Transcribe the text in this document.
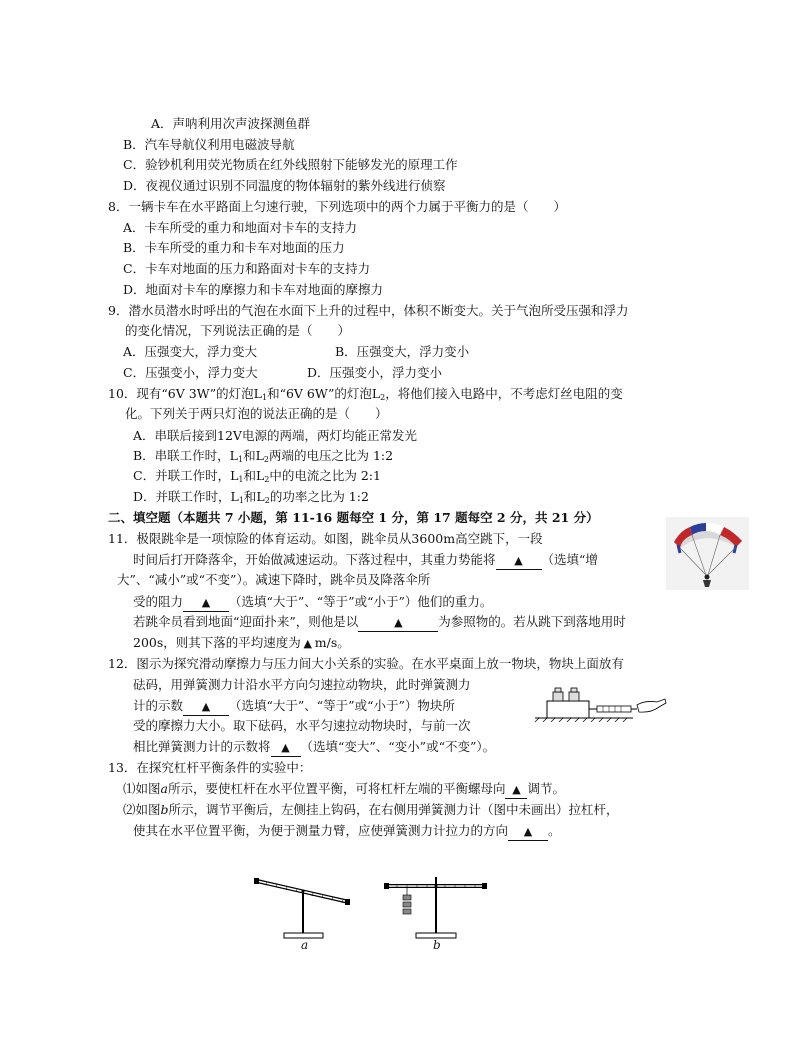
A．声呐利用次声波探测鱼群
B．汽车导航仪利用电磁波导航
C．验钞机利用荧光物质在红外线照射下能够发光的原理工作
D．夜视仪通过识别不同温度的物体辐射的紫外线进行侦察
8．一辆卡车在水平路面上匀速行驶，下列选项中的两个力属于平衡力的是（　　）
A．卡车所受的重力和地面对卡车的支持力
B．卡车所受的重力和卡车对地面的压力
C．卡车对地面的压力和路面对卡车的支持力
D．地面对卡车的摩擦力和卡车对地面的摩擦力
9．潜水员潜水时呼出的气泡在水面下上升的过程中，体积不断变大。关于气泡所受压强和浮力
的变化情况，下列说法正确的是（　　）
A．压强变大，浮力变大	B．压强变大，浮力变小
C．压强变小，浮力变大	D．压强变小，浮力变小
10．现有“6V 3W”的灯泡$L_1$和“6V 6W”的灯泡$L_2$，将他们接入电路中，不考虑灯丝电阻的变
化。下列关于两只灯泡的说法正确的是（　　）
A．串联后接到12V电源的两端，两灯均能正常发光
B．串联工作时，$L_1$和$L_2$两端的电压之比为 1:2
C．并联工作时，$L_1$和$L_2$中的电流之比为 2:1
D．并联工作时，$L_1$和$L_2$的功率之比为 1:2
二、填空题（本题共 7 小题，第 11-16 题每空 1 分，第 17 题每空 2 分，共 21 分）
11．极限跳伞是一项惊险的体育运动。如图，跳伞员从3600m高空跳下，一段
时间后打开降落伞，开始做减速运动。下落过程中，其重力势能将 ▲ （选填“增
大”、“减小”或“不变”）。减速下降时，跳伞员及降落伞所
受的阻力 ▲ （选填“大于”、“等于”或“小于”）他们的重力。
若跳伞员看到地面“迎面扑来”，则他是以	▲	为参照物的。若从跳下到落地用时
200s，则其下落的平均速度为 ▲ m/s。
12．图示为探究滑动摩擦力与压力间大小关系的实验。在水平桌面上放一物块，物块上面放有
砝码，用弹簧测力计沿水平方向匀速拉动物块，此时弹簧测力
计的示数 ▲ （选填“大于”、“等于”或“小于”）物块所
受的摩擦力大小。取下砝码，水平匀速拉动物块时，与前一次
相比弹簧测力计的示数将 ▲ （选填“变大”、“变小”或“不变”）。
13．在探究杠杆平衡条件的实验中：
⑴如图a所示，要使杠杆在水平位置平衡，可将杠杆左端的平衡螺母向 ▲ 调节。
⑵如图b所示，调节平衡后，左侧挂上钩码，在右侧用弹簧测力计（图中未画出）拉杠杆，
使其在水平位置平衡，为便于测量力臂，应使弹簧测力计拉力的方向 ▲ 。
a	b
